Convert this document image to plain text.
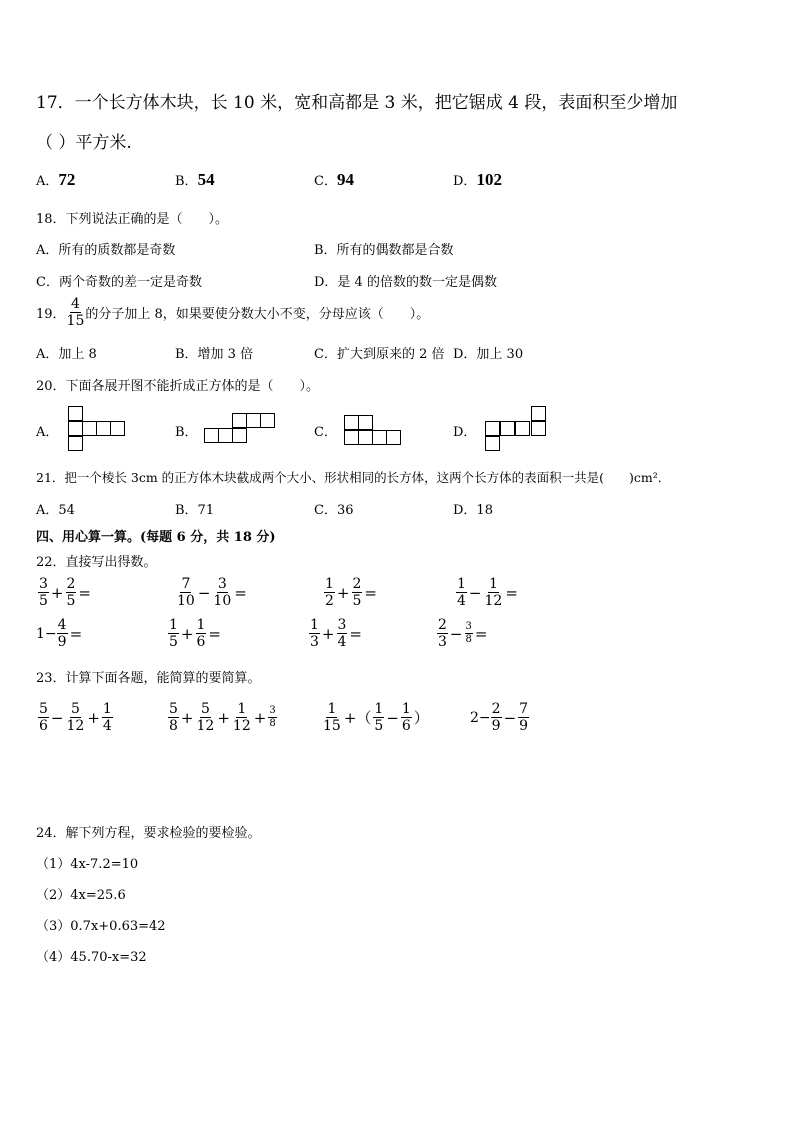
17．一个长方体木块，长 10 米，宽和高都是 3 米，把它锯成 4 段，表面积至少增加
（ ）平方米.
A．72	B．54	C．94	D．102
18．下列说法正确的是（　　）。
A．所有的质数都是奇数	B．所有的偶数都是合数
C．两个奇数的差一定是奇数	D．是 4 的倍数的数一定是偶数
19． $\frac{4}{15}$ 的分子加上 8，如果要使分数大小不变，分母应该（　　）。
A．加上 8	B．增加 3 倍	C．扩大到原来的 2 倍 D．加上 30
20．下面各展开图不能折成正方体的是（　　）。
A．	B．	C．	D．
21．把一个棱长 3cm 的正方体木块截成两个大小、形状相同的长方体，这两个长方体的表面积一共是(　　)cm²．
A．54	B．71	C．36	D．18
四、用心算一算。(每题 6 分，共 18 分)
22．直接写出得数。
$\frac{3}{5} + \frac{2}{5}$ =	$\frac{7}{10} - \frac{3}{10}$ =	$\frac{1}{2} + \frac{2}{5}$ =	$\frac{1}{4} - \frac{1}{12}$ =
$1- \frac{4}{9}$ =	$\frac{1}{5} + \frac{1}{6}$ =	$\frac{1}{3} + \frac{3}{4}$ =	$\frac{2}{3} - \frac{3}{8}$ =
23．计算下面各题，能简算的要简算。
$\frac{5}{6} - \frac{5}{12} + \frac{1}{4}$	$\frac{5}{8} + \frac{5}{12} + \frac{1}{12} + \frac{3}{8}$	$\frac{1}{15}$ +（ $\frac{1}{5} - \frac{1}{6}$ ）	$2- \frac{2}{9} - \frac{7}{9}$
24．解下列方程，要求检验的要检验。
（1）4x-7.2=10
（2）4x=25.6
（3）0.7x+0.63=42
（4）45.70-x=32
